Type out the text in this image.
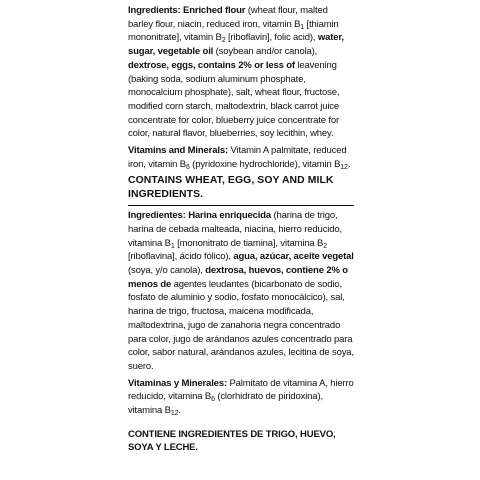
Ingredients: Enriched flour (wheat flour, malted barley flour, niacin, reduced iron, vitamin $B_1$ [thiamin mononitrate], vitamin $B_2$ [riboflavin], folic acid), water, sugar, vegetable oil (soybean and/or canola), dextrose, eggs, contains 2% or less of leavening (baking soda, sodium aluminum phosphate, monocalcium phosphate), salt, wheat flour, fructose, modified corn starch, maltodextrin, black carrot juice concentrate for color, blueberry juice concentrate for color, natural flavor, blueberries, soy lecithin, whey.

Vitamins and Minerals: Vitamin A palmitate, reduced iron, vitamin $B_6$ (pyridoxine hydrochloride), vitamin $B_{12}$.

CONTAINS WHEAT, EGG, SOY AND MILK INGREDIENTS.

Ingredientes: Harina enriquecida (harina de trigo, harina de cebada malteada, niacina, hierro reducido, vitamina $B_1$ [mononitrato de tiamina], vitamina $B_2$ [riboflavina], ácido fólico), agua, azúcar, aceite vegetal (soya, y/o canola), dextrosa, huevos, contiene 2% o menos de agentes leudantes (bicarbonato de sodio, fosfato de aluminio y sodio, fosfato monocálcico), sal, harina de trigo, fructosa, maicena modificada, maltodextrina, jugo de zanahoria negra concentrado para color, jugo de arándanos azules concentrado para color, sabor natural, arándanos azules, lecitina de soya, suero.

Vitaminas y Minerales: Palmitato de vitamina A, hierro reducido, vitamina $B_6$ (clorhidrato de piridoxina), vitamina $B_{12}$.

CONTIENE INGREDIENTES DE TRIGO, HUEVO, SOYA Y LECHE.
